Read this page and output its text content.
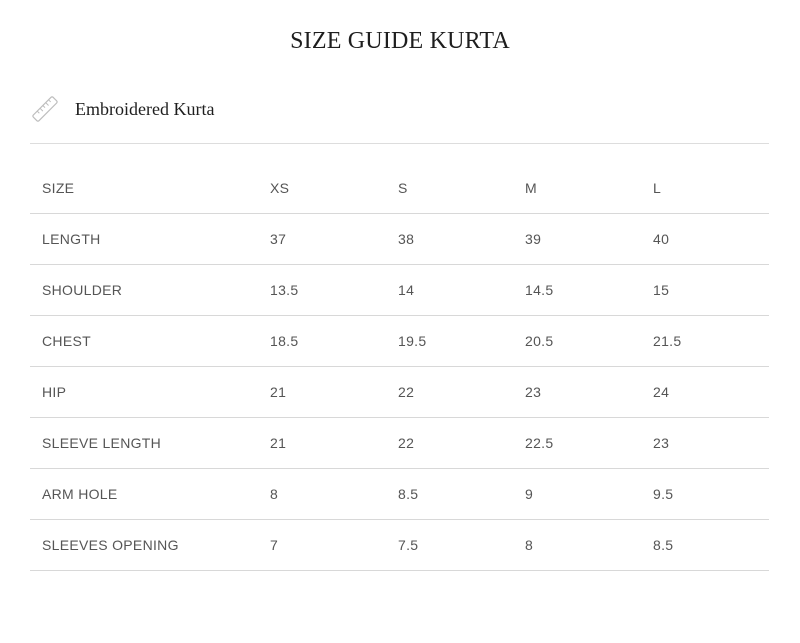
SIZE GUIDE KURTA
Embroidered Kurta
SIZE	XS	S	M	L
LENGTH	37	38	39	40
SHOULDER	13.5	14	14.5	15
CHEST	18.5	19.5	20.5	21.5
HIP	21	22	23	24
SLEEVE LENGTH	21	22	22.5	23
ARM HOLE	8	8.5	9	9.5
SLEEVES OPENING	7	7.5	8	8.5
